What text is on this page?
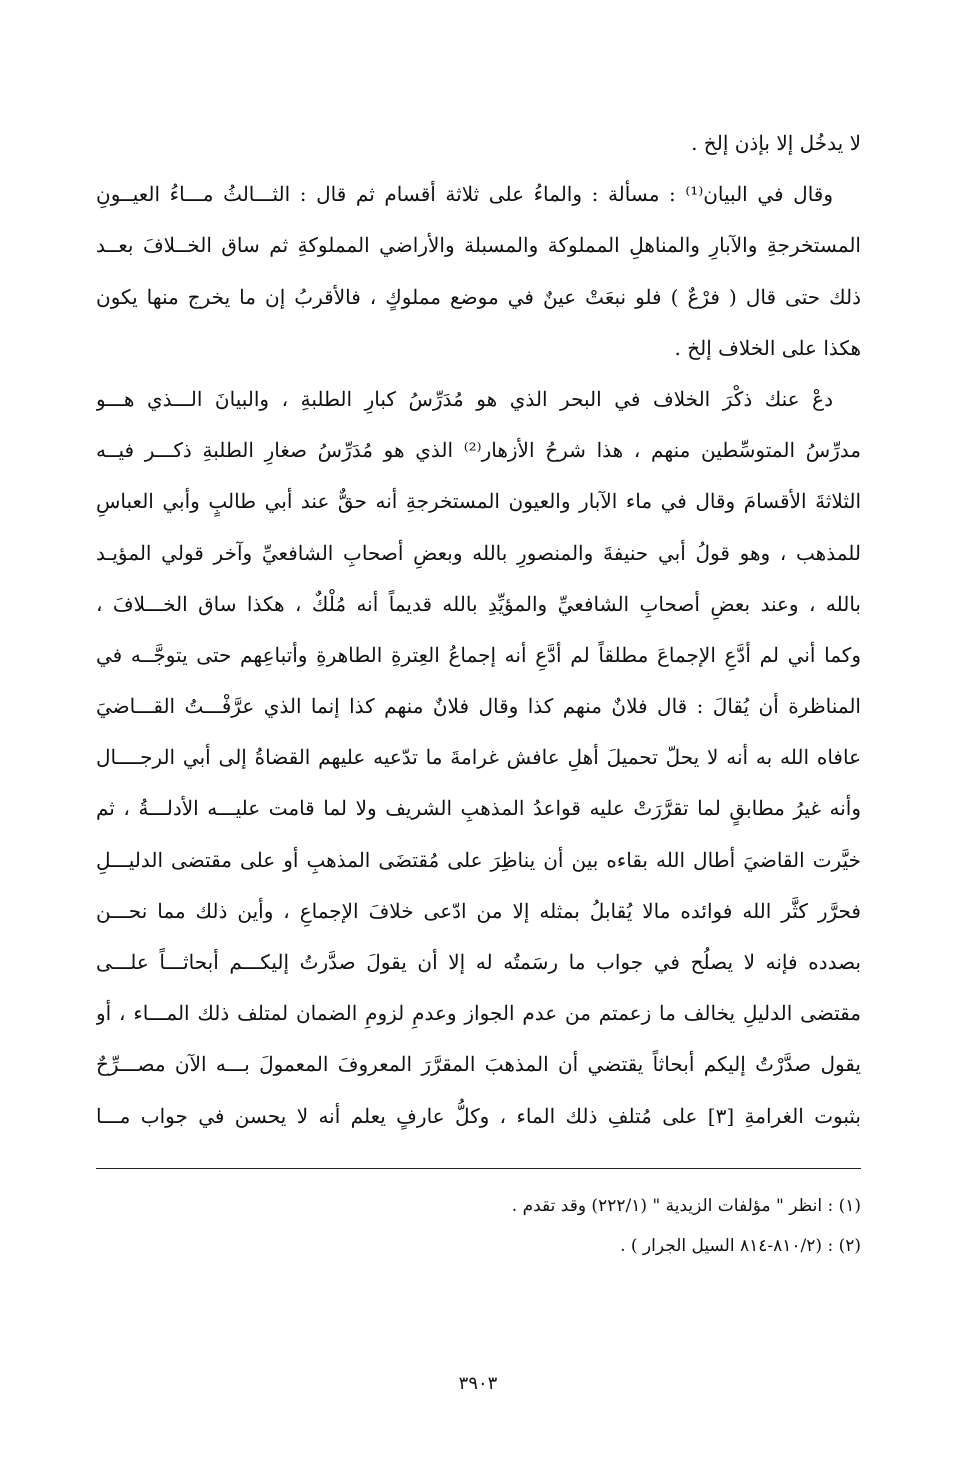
لا يدخُل إلا بإذن إلخ .
وقال في البيان⁽¹⁾ : مسألة : والماءُ على ثلاثة أقسام ثم قال : الثـــالثُ مـــاءُ العيــونِ
المستخرجةِ والآبارِ والمناهلِ المملوكة والمسبلة والأراضي المملوكةِ ثم ساق الخــلافَ بعــد
ذلك حتى قال ( فرْعٌ ) فلو نبعَتْ عينٌ في موضع مملوكٍ ، فالأقربُ إن ما يخرج منها يكون
هكذا على الخلاف إلخ .
دعْ عنك ذكْرَ الخلاف في البحر الذي هو مُدَرِّسُ كبارِ الطلبةِ ، والبيانَ الـــذي هـــو
مدرِّسُ المتوسِّطين منهم ، هذا شرحُ الأزهار⁽²⁾ الذي هو مُدَرِّسُ صغارِ الطلبةِ ذكـــر فيــه
الثلاثةَ الأقسامَ وقال في ماء الآبار والعيون المستخرجةِ أنه حقٌّ عند أبي طالبٍ وأبي العباسِ
للمذهب ، وهو قولُ أبي حنيفةَ والمنصورِ بالله وبعضِ أصحابِ الشافعيِّ وآخر قولي المؤيـد
بالله ، وعند بعضِ أصحابِ الشافعيِّ والمؤيِّدِ بالله قديماً أنه مُلْكٌ ، هكذا ساق الخـــلافَ ،
وكما أني لم أدَّعِ الإجماعَ مطلقاً لم أدَّعِ أنه إجماعُ العِترةِ الطاهرةِ وأتباعِهم حتى يتوجَّــه في
المناظرة أن يُقالَ : قال فلانٌ منهم كذا وقال فلانٌ منهم كذا إنما الذي عرَّفْـــتُ القـــاضيَ
عافاه الله به أنه لا يحلّ تحميلَ أهلِ عافش غرامةَ ما تدّعيه عليهم القضاةُ إلى أبي الرجــــال
وأنه غيرُ مطابقٍ لما تقرَّرَتْ عليه قواعدُ المذهبِ الشريف ولا لما قامت عليـــه الأدلـــةُ ، ثم
خيَّرت القاضيَ أطال الله بقاءه بين أن يناظِرَ على مُقتضَى المذهبِ أو على مقتضى الدليـــلِ
فحرَّر كثَّر الله فوائده مالا يُقابلُ بمثله إلا من ادّعى خلافَ الإجماعِ ، وأين ذلك مما نحـــن
بصدده فإنه لا يصلُح في جواب ما رسَمتُه له إلا أن يقولَ صدَّرتُ إليكـــم أبحاثـــاً علـــى
مقتضى الدليلِ يخالف ما زعمتم من عدم الجواز وعدمِ لزومِ الضمان لمتلف ذلك المـــاء ، أو
يقول صدَّرْتُ إليكم أبحاثاً يقتضي أن المذهبَ المقرَّرَ المعروفَ المعمولَ بـــه الآن مصـــرِّحٌ
بثبوت الغرامةِ [٣] على مُتلفِ ذلك الماء ، وكلُّ عارفٍ يعلم أنه لا يحسن في جواب مـــا
(١) : انظر " مؤلفات الزيدية " (٢٢٢/١) وقد تقدم .
(٢) : (٨١٠/٢-٨١٤ السيل الجرار ) .
٣٩٠٣
